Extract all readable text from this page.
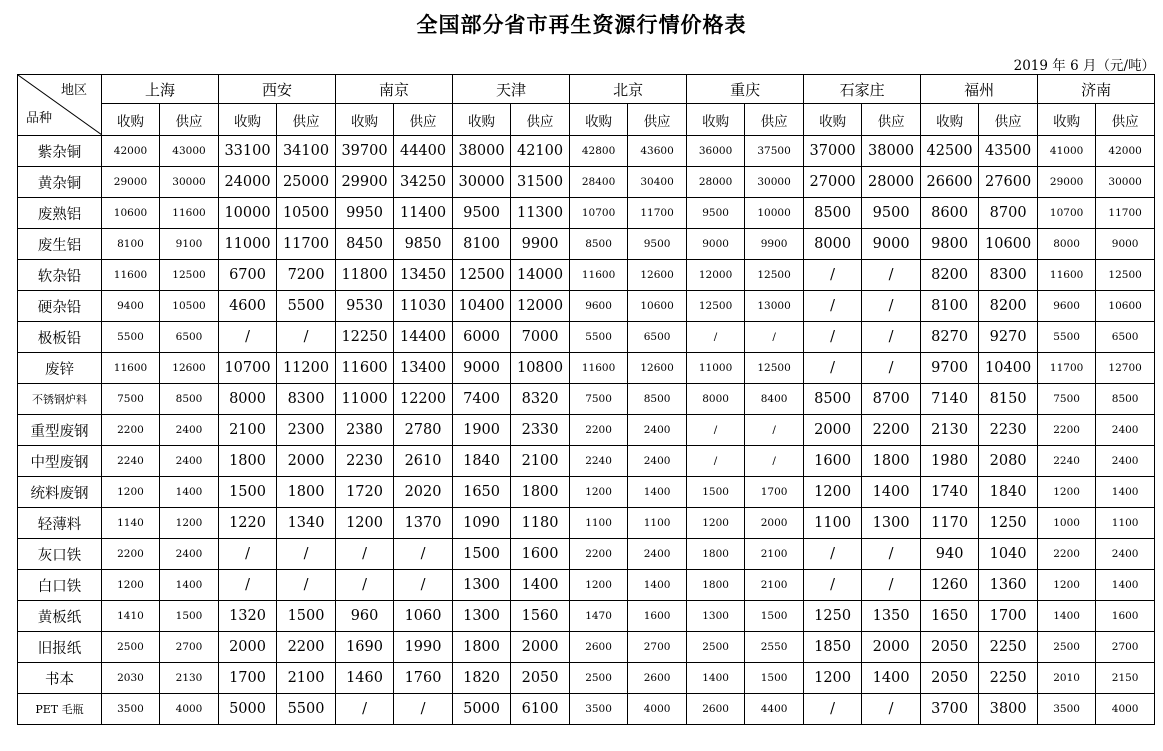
全国部分省市再生资源行情价格表
2019 年 6 月（元/吨）
地区
品种	上海		西安		南京		天津		北京		重庆		石家庄		福州		济南	
	收购	供应	收购	供应	收购	供应	收购	供应	收购	供应	收购	供应	收购	供应	收购	供应	收购	供应
紫杂铜	42000	43000	33100	34100	39700	44400	38000	42100	42800	43600	36000	37500	37000	38000	42500	43500	41000	42000
黄杂铜	29000	30000	24000	25000	29900	34250	30000	31500	28400	30400	28000	30000	27000	28000	26600	27600	29000	30000
废熟铝	10600	11600	10000	10500	9950	11400	9500	11300	10700	11700	9500	10000	8500	9500	8600	8700	10700	11700
废生铝	8100	9100	11000	11700	8450	9850	8100	9900	8500	9500	9000	9900	8000	9000	9800	10600	8000	9000
软杂铅	11600	12500	6700	7200	11800	13450	12500	14000	11600	12600	12000	12500	/	/	8200	8300	11600	12500
硬杂铅	9400	10500	4600	5500	9530	11030	10400	12000	9600	10600	12500	13000	/	/	8100	8200	9600	10600
极板铅	5500	6500	/	/	12250	14400	6000	7000	5500	6500	/	/	/	/	8270	9270	5500	6500
废锌	11600	12600	10700	11200	11600	13400	9000	10800	11600	12600	11000	12500	/	/	9700	10400	11700	12700
不锈钢炉料	7500	8500	8000	8300	11000	12200	7400	8320	7500	8500	8000	8400	8500	8700	7140	8150	7500	8500
重型废钢	2200	2400	2100	2300	2380	2780	1900	2330	2200	2400	/	/	2000	2200	2130	2230	2200	2400
中型废钢	2240	2400	1800	2000	2230	2610	1840	2100	2240	2400	/	/	1600	1800	1980	2080	2240	2400
统料废钢	1200	1400	1500	1800	1720	2020	1650	1800	1200	1400	1500	1700	1200	1400	1740	1840	1200	1400
轻薄料	1140	1200	1220	1340	1200	1370	1090	1180	1100	1100	1200	2000	1100	1300	1170	1250	1000	1100
灰口铁	2200	2400	/	/	/	/	1500	1600	2200	2400	1800	2100	/	/	940	1040	2200	2400
白口铁	1200	1400	/	/	/	/	1300	1400	1200	1400	1800	2100	/	/	1260	1360	1200	1400
黄板纸	1410	1500	1320	1500	960	1060	1300	1560	1470	1600	1300	1500	1250	1350	1650	1700	1400	1600
旧报纸	2500	2700	2000	2200	1690	1990	1800	2000	2600	2700	2500	2550	1850	2000	2050	2250	2500	2700
书本	2030	2130	1700	2100	1460	1760	1820	2050	2500	2600	1400	1500	1200	1400	2050	2250	2010	2150
PET 毛瓶	3500	4000	5000	5500	/	/	5000	6100	3500	4000	2600	4400	/	/	3700	3800	3500	4000
